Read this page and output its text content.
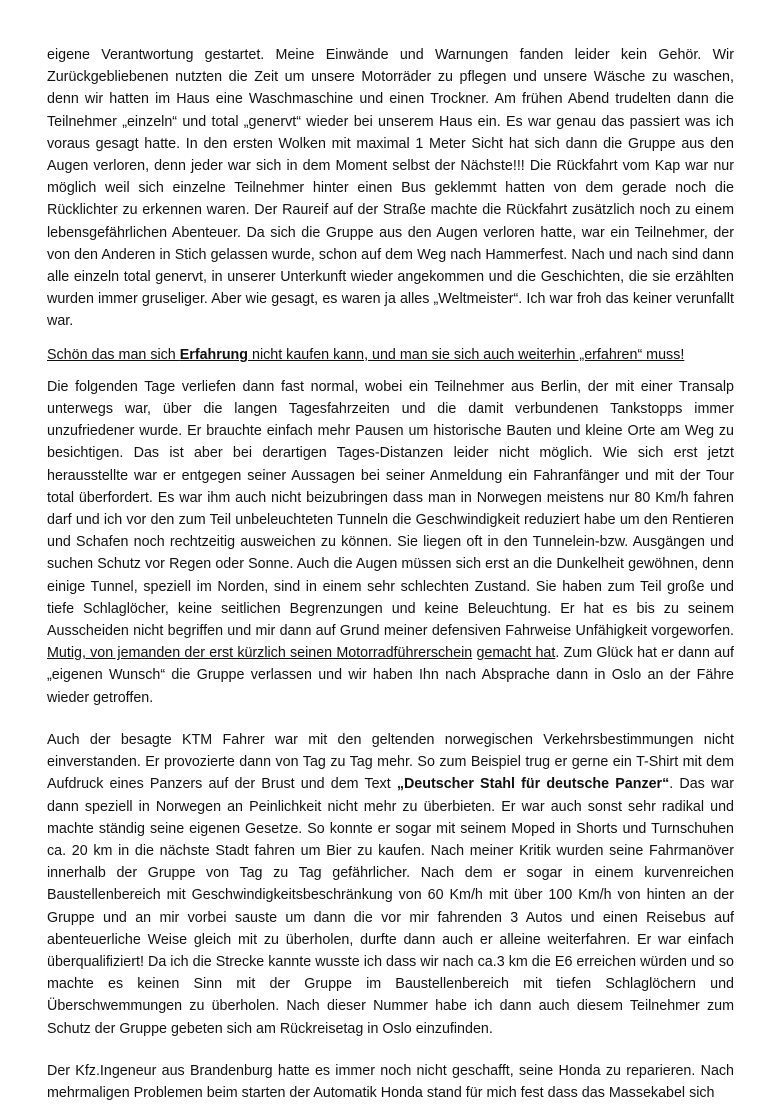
eigene Verantwortung gestartet. Meine Einwände und Warnungen fanden leider kein Gehör. Wir Zurückgebliebenen nutzten die Zeit um unsere Motorräder zu pflegen und unsere Wäsche zu waschen, denn wir hatten im Haus eine Waschmaschine und einen Trockner. Am frühen Abend trudelten dann die Teilnehmer „einzeln“ und total „genervt“ wieder bei unserem Haus ein. Es war genau das passiert was ich voraus gesagt hatte. In den ersten Wolken mit maximal 1 Meter Sicht hat sich dann die Gruppe aus den Augen verloren, denn jeder war sich in dem Moment selbst der Nächste!!! Die Rückfahrt vom Kap war nur möglich weil sich einzelne Teilnehmer hinter einen Bus geklemmt hatten von dem gerade noch die Rücklichter zu erkennen waren. Der Raureif auf der Straße machte die Rückfahrt zusätzlich noch zu einem lebensgefährlichen Abenteuer. Da sich die Gruppe aus den Augen verloren hatte, war ein Teilnehmer, der von den Anderen in Stich gelassen wurde, schon auf dem Weg nach Hammerfest. Nach und nach sind dann alle einzeln total genervt, in unserer Unterkunft wieder angekommen und die Geschichten, die sie erzählten wurden immer gruseliger. Aber wie gesagt, es waren ja alles „Weltmeister“. Ich war froh das keiner verunfallt war.

Schön das man sich Erfahrung nicht kaufen kann, und man sie sich auch weiterhin „erfahren“ muss!

Die folgenden Tage verliefen dann fast normal, wobei ein Teilnehmer aus Berlin, der mit einer Transalp unterwegs war, über die langen Tagesfahrzeiten und die damit verbundenen Tankstopps immer unzufriedener wurde. Er brauchte einfach mehr Pausen um historische Bauten und kleine Orte am Weg zu besichtigen. Das ist aber bei derartigen Tages-Distanzen leider nicht möglich. Wie sich erst jetzt herausstellte war er entgegen seiner Aussagen bei seiner Anmeldung ein Fahranfänger und mit der Tour total überfordert. Es war ihm auch nicht beizubringen dass man in Norwegen meistens nur 80 Km/h fahren darf und ich vor den zum Teil unbeleuchteten Tunneln die Geschwindigkeit reduziert habe um den Rentieren und Schafen noch rechtzeitig ausweichen zu können. Sie liegen oft in den Tunnelein-bzw. Ausgängen und suchen Schutz vor Regen oder Sonne. Auch die Augen müssen sich erst an die Dunkelheit gewöhnen, denn einige Tunnel, speziell im Norden, sind in einem sehr schlechten Zustand. Sie haben zum Teil große und tiefe Schlaglöcher, keine seitlichen Begrenzungen und keine Beleuchtung. Er hat es bis zu seinem Ausscheiden nicht begriffen und mir dann auf Grund meiner defensiven Fahrweise Unfähigkeit vorgeworfen. Mutig, von jemanden der erst kürzlich seinen Motorradführerschein gemacht hat. Zum Glück hat er dann auf „eigenen Wunsch“ die Gruppe verlassen und wir haben Ihn nach Absprache dann in Oslo an der Fähre wieder getroffen.

Auch der besagte KTM Fahrer war mit den geltenden norwegischen Verkehrsbestimmungen nicht einverstanden. Er provozierte dann von Tag zu Tag mehr. So zum Beispiel trug er gerne ein T-Shirt mit dem Aufdruck eines Panzers auf der Brust und dem Text „Deutscher Stahl für deutsche Panzer“. Das war dann speziell in Norwegen an Peinlichkeit nicht mehr zu überbieten. Er war auch sonst sehr radikal und machte ständig seine eigenen Gesetze. So konnte er sogar mit seinem Moped in Shorts und Turnschuhen ca. 20 km in die nächste Stadt fahren um Bier zu kaufen. Nach meiner Kritik wurden seine Fahrmanöver innerhalb der Gruppe von Tag zu Tag gefährlicher. Nach dem er sogar in einem kurvenreichen Baustellenbereich mit Geschwindigkeitsbeschränkung von 60 Km/h mit über 100 Km/h von hinten an der Gruppe und an mir vorbei sauste um dann die vor mir fahrenden 3 Autos und einen Reisebus auf abenteuerliche Weise gleich mit zu überholen, durfte dann auch er alleine weiterfahren. Er war einfach überqualifiziert! Da ich die Strecke kannte wusste ich dass wir nach ca.3 km die E6 erreichen würden und so machte es keinen Sinn mit der Gruppe im Baustellenbereich mit tiefen Schlaglöchern und Überschwemmungen zu überholen. Nach dieser Nummer habe ich dann auch diesem Teilnehmer zum Schutz der Gruppe gebeten sich am Rückreisetag in Oslo einzufinden.

Der Kfz.Ingeneur aus Brandenburg hatte es immer noch nicht geschafft, seine Honda zu reparieren. Nach mehrmaligen Problemen beim starten der Automatik Honda stand für mich fest dass das Massekabel sich
